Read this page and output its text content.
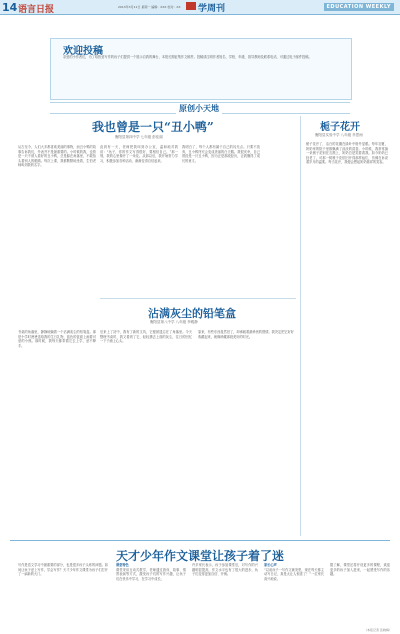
14 语言日报	2013年3月11日 星期一 编辑：XXX 校对：XX 学周刊	EDUCATION WEEKLY
欢迎投稿
亲爱的小作者们，为了给热爱写作的孩子们提供一个展示自我的舞台，本报长期征集作文稿件。投稿请注明作者姓名、学校、年级、指导教师及联系电话，可通过电子邮件投稿。
原创小天地
我也曾是一只“丑小鸭”
衡阳县第四中学 七年级 彭佳丽
从古至今，人们大多都喜欢美丽的事物，而丑小鸭的故事告诉我们，外表并不是最重要的。小时候的我，也曾是一只不被人看好的丑小鸭，总是躲在角落里，不敢抬头看别人的眼睛。每次上课，我都默默地坐着，生怕老师叫到我的名字。
直到有一天，老师把我叫到办公室，温和地对我说：“孩子，你的作文写得很好，要相信自己。”那一刻，我的心里像开了一朵花。从那以后，我开始努力学习，积极参加各种活动，渐渐变得自信起来。
我明白了，每个人都有属于自己的闪光点。只要不放弃，丑小鸭终究会变成美丽的白天鹅。我很庆幸，自己曾经是一只丑小鸭，因为正是那段经历，让我懂得了成长的意义。
栀子花开
衡阳县实验中学 八年级 肖思雨
栀子花开了，洁白的花瓣在绿叶中格外显眼。每年初夏，奶奶家的院子里都飘满了淡淡的清香。小时候，我常常摘一朵栀子花别在衣襟上，奶奶总是笑着看我。如今奶奶已经老了，可那一树栀子花依旧开得那样灿烂，仿佛在诉说着岁月的温柔。每当花开，我便会想起奶奶慈祥的笑容。
沾满灰尘的铅笔盒
衡阳县第八中学 八年级 李雅静
书桌的角落里，静静地躺着一个沾满灰尘的铅笔盒。那是小学时爸爸送给我的生日礼物，蓝色的盒面上画着可爱的小熊。那时候，我每天都带着它去上学，爱不释手。
后来上了初中，我有了新的文具，它便被遗忘在了角落里。今天整理书桌时，我又看到了它，轻轻拂去上面的灰尘，往日的回忆一下子涌上心头。
原来，有些东西虽然旧了，却承载着最珍贵的感情。我决定把它好好收藏起来，就像珍藏那段美好的时光。
天才少年作文课堂让孩子着了迷
写作是语文学习中最重要的部分，也是很多孩子头疼的问题。如何让孩子爱上写作，学会写作？天才少年作文课堂为孩子们打开了一扇新的大门。
课堂特色
课堂采用互动式教学，老师通过游戏、故事、情景表演等方式，激发孩子们的写作兴趣，让孩子们在快乐中学习，在学习中成长。
许多家长表示，孩子参加课堂后，对写作的兴趣明显提高，作文水平也有了很大的进步，孩子们变得更加自信、开朗。
家长心声
“以前孩子一写作文就发愁，现在每天都主动写日记，真是太让人惊喜了！”一位家长高兴地说。
据了解，课堂还将开设更多的课程，欢迎更多的孩子加入进来，一起感受写作的乐趣。
（本报记者 张晓梅）
